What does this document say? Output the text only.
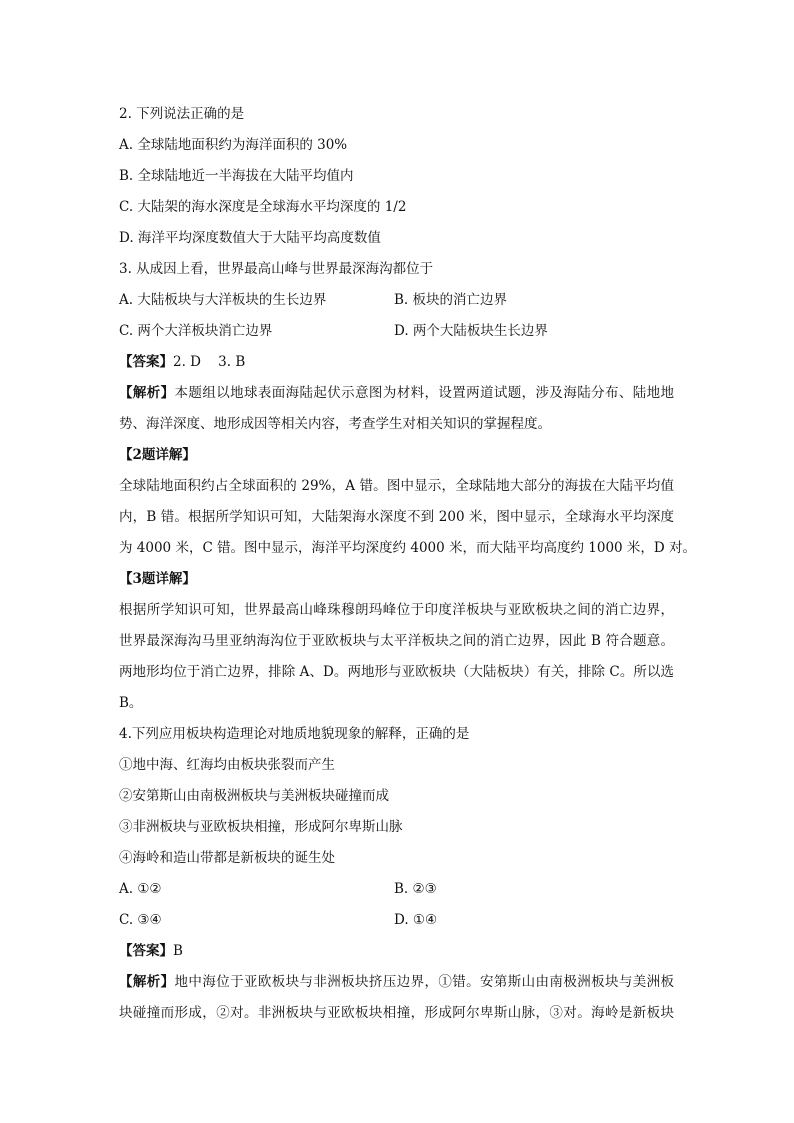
2. 下列说法正确的是
A. 全球陆地面积约为海洋面积的 30%
B. 全球陆地近一半海拔在大陆平均值内
C. 大陆架的海水深度是全球海水平均深度的 1/2
D. 海洋平均深度数值大于大陆平均高度数值
3. 从成因上看，世界最高山峰与世界最深海沟都位于
A. 大陆板块与大洋板块的生长边界	B. 板块的消亡边界
C. 两个大洋板块消亡边界	D. 两个大陆板块生长边界
【答案】2. D    3. B
【解析】本题组以地球表面海陆起伏示意图为材料，设置两道试题，涉及海陆分布、陆地地
势、海洋深度、地形成因等相关内容，考查学生对相关知识的掌握程度。
【2题详解】
全球陆地面积约占全球面积的 29%，A 错。图中显示，全球陆地大部分的海拔在大陆平均值
内，B 错。根据所学知识可知，大陆架海水深度不到 200 米，图中显示，全球海水平均深度
为 4000 米，C 错。图中显示，海洋平均深度约 4000 米，而大陆平均高度约 1000 米，D 对。
【3题详解】
根据所学知识可知，世界最高山峰珠穆朗玛峰位于印度洋板块与亚欧板块之间的消亡边界，
世界最深海沟马里亚纳海沟位于亚欧板块与太平洋板块之间的消亡边界，因此 B 符合题意。
两地形均位于消亡边界，排除 A、D。两地形与亚欧板块（大陆板块）有关，排除 C。所以选
B。
4.下列应用板块构造理论对地质地貌现象的解释，正确的是
①地中海、红海均由板块张裂而产生
②安第斯山由南极洲板块与美洲板块碰撞而成
③非洲板块与亚欧板块相撞，形成阿尔卑斯山脉
④海岭和造山带都是新板块的诞生处
A. ①②	B. ②③
C. ③④	D. ①④
【答案】B
【解析】地中海位于亚欧板块与非洲板块挤压边界，①错。安第斯山由南极洲板块与美洲板
块碰撞而形成，②对。非洲板块与亚欧板块相撞，形成阿尔卑斯山脉，③对。海岭是新板块
